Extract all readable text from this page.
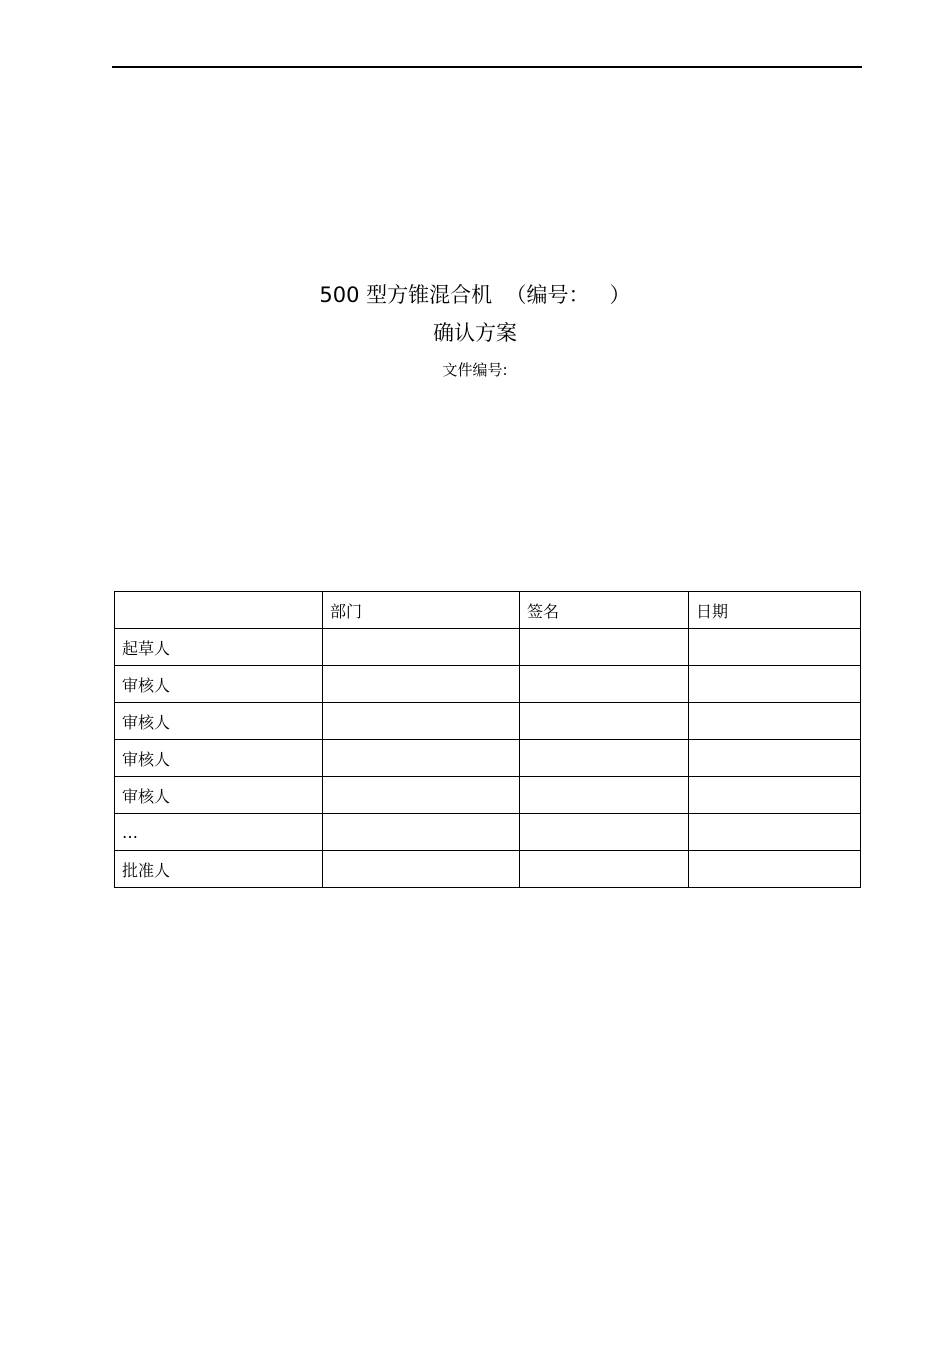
500 型方锥混合机  （编号：   ）
确认方案
文件编号:
	部门	签名	日期
起草人			
审核人			
审核人			
审核人			
审核人			
…			
批准人			
